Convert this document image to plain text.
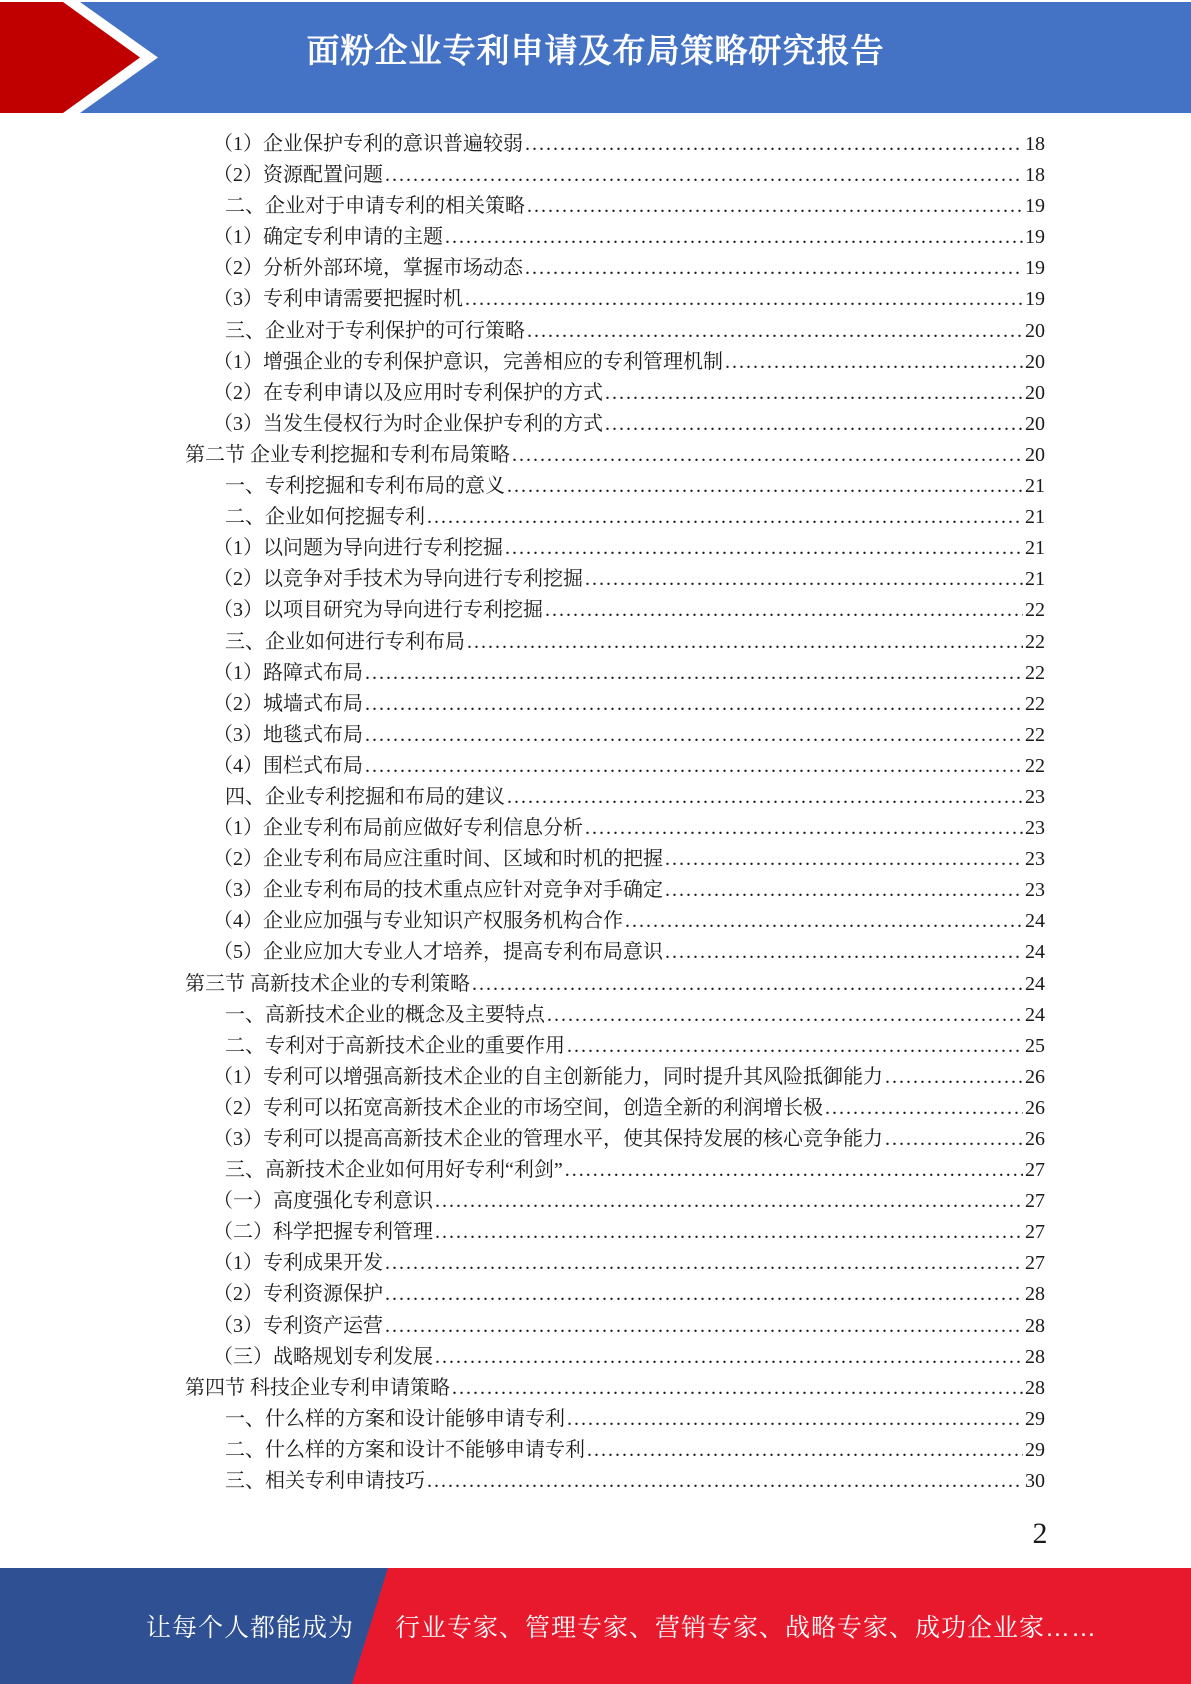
面粉企业专利申请及布局策略研究报告
（1）企业保护专利的意识普遍较弱 .....	18
（2）资源配置问题 .....	18
二、企业对于申请专利的相关策略 .....	19
（1）确定专利申请的主题 .....	19
（2）分析外部环境，掌握市场动态 .....	19
（3）专利申请需要把握时机 .....	19
三、企业对于专利保护的可行策略 .....	20
（1）增强企业的专利保护意识，完善相应的专利管理机制 .....	20
（2）在专利申请以及应用时专利保护的方式 .....	20
（3）当发生侵权行为时企业保护专利的方式 .....	20
第二节 企业专利挖掘和专利布局策略 .....	20
一、专利挖掘和专利布局的意义 .....	21
二、企业如何挖掘专利 .....	21
（1）以问题为导向进行专利挖掘 .....	21
（2）以竞争对手技术为导向进行专利挖掘 .....	21
（3）以项目研究为导向进行专利挖掘 .....	22
三、企业如何进行专利布局 .....	22
（1）路障式布局 .....	22
（2）城墙式布局 .....	22
（3）地毯式布局 .....	22
（4）围栏式布局 .....	22
四、企业专利挖掘和布局的建议 .....	23
（1）企业专利布局前应做好专利信息分析 .....	23
（2）企业专利布局应注重时间、区域和时机的把握 .....	23
（3）企业专利布局的技术重点应针对竞争对手确定 .....	23
（4）企业应加强与专业知识产权服务机构合作 .....	24
（5）企业应加大专业人才培养，提高专利布局意识 .....	24
第三节 高新技术企业的专利策略 .....	24
一、高新技术企业的概念及主要特点 .....	24
二、专利对于高新技术企业的重要作用 .....	25
（1）专利可以增强高新技术企业的自主创新能力，同时提升其风险抵御能力 .....	26
（2）专利可以拓宽高新技术企业的市场空间，创造全新的利润增长极 .....	26
（3）专利可以提高高新技术企业的管理水平，使其保持发展的核心竞争能力 .....	26
三、高新技术企业如何用好专利“利剑” .....	27
（一）高度强化专利意识 .....	27
（二）科学把握专利管理 .....	27
（1）专利成果开发 .....	27
（2）专利资源保护 .....	28
（3）专利资产运营 .....	28
（三）战略规划专利发展 .....	28
第四节 科技企业专利申请策略 .....	28
一、什么样的方案和设计能够申请专利 .....	29
二、什么样的方案和设计不能够申请专利 .....	29
三、相关专利申请技巧 .....	30
2
让每个人都能成为 行业专家、管理专家、营销专家、战略专家、成功企业家……
